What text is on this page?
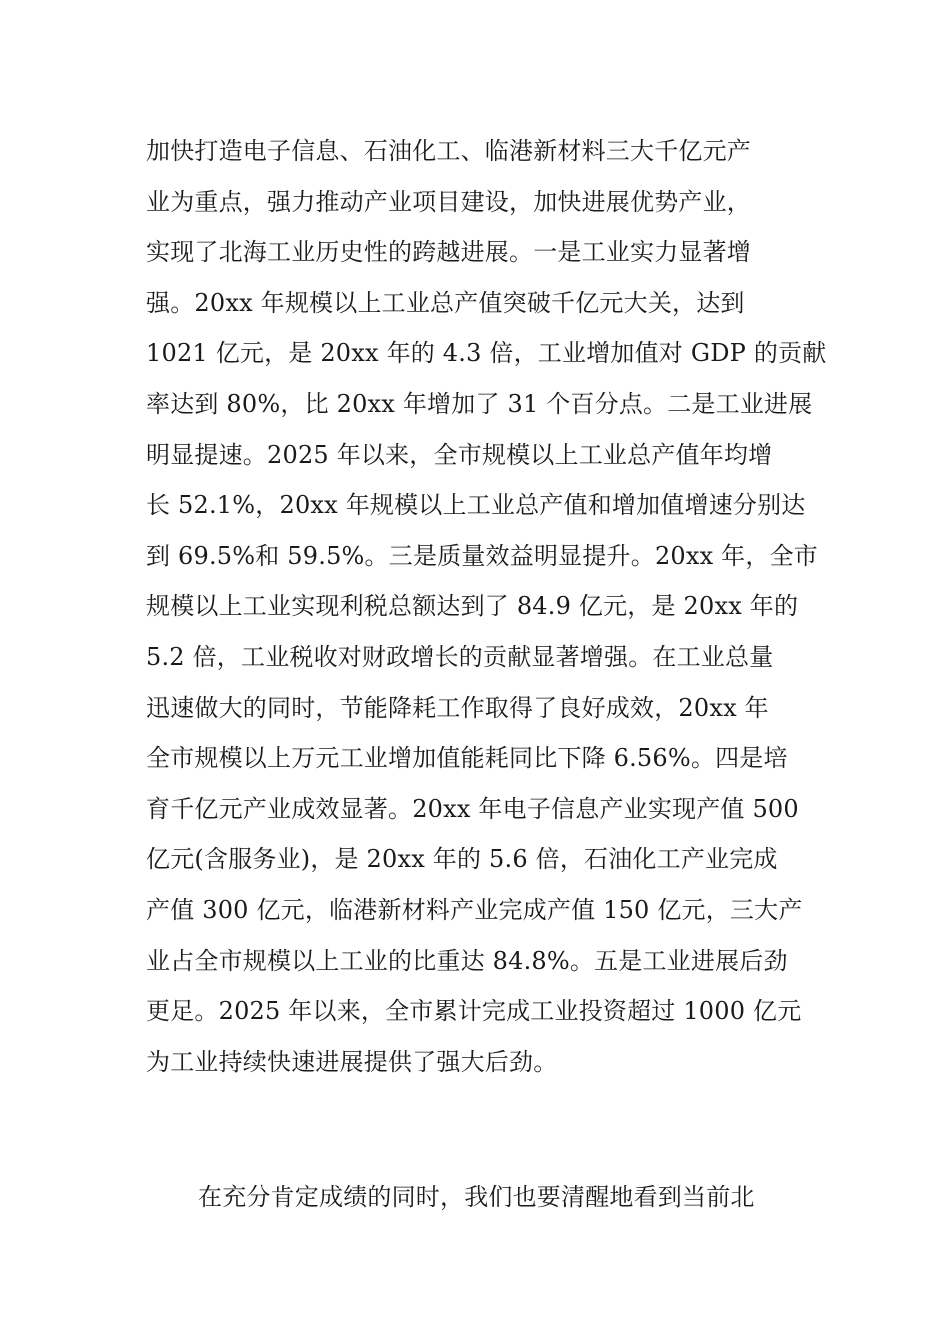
加快打造电子信息、石油化工、临港新材料三大千亿元产
业为重点，强力推动产业项目建设，加快进展优势产业，
实现了北海工业历史性的跨越进展。一是工业实力显著增
强。20xx 年规模以上工业总产值突破千亿元大关，达到
1021 亿元，是 20xx 年的 4.3 倍，工业增加值对 GDP 的贡献
率达到 80%，比 20xx 年增加了 31 个百分点。二是工业进展
明显提速。2025 年以来，全市规模以上工业总产值年均增
长 52.1%，20xx 年规模以上工业总产值和增加值增速分别达
到 69.5%和 59.5%。三是质量效益明显提升。20xx 年，全市
规模以上工业实现利税总额达到了 84.9 亿元，是 20xx 年的
5.2 倍，工业税收对财政增长的贡献显著增强。在工业总量
迅速做大的同时，节能降耗工作取得了良好成效，20xx 年
全市规模以上万元工业增加值能耗同比下降 6.56%。四是培
育千亿元产业成效显著。20xx 年电子信息产业实现产值 500
亿元(含服务业)，是 20xx 年的 5.6 倍，石油化工产业完成
产值 300 亿元，临港新材料产业完成产值 150 亿元，三大产
业占全市规模以上工业的比重达 84.8%。五是工业进展后劲
更足。2025 年以来，全市累计完成工业投资超过 1000 亿元
为工业持续快速进展提供了强大后劲。
在充分肯定成绩的同时，我们也要清醒地看到当前北
